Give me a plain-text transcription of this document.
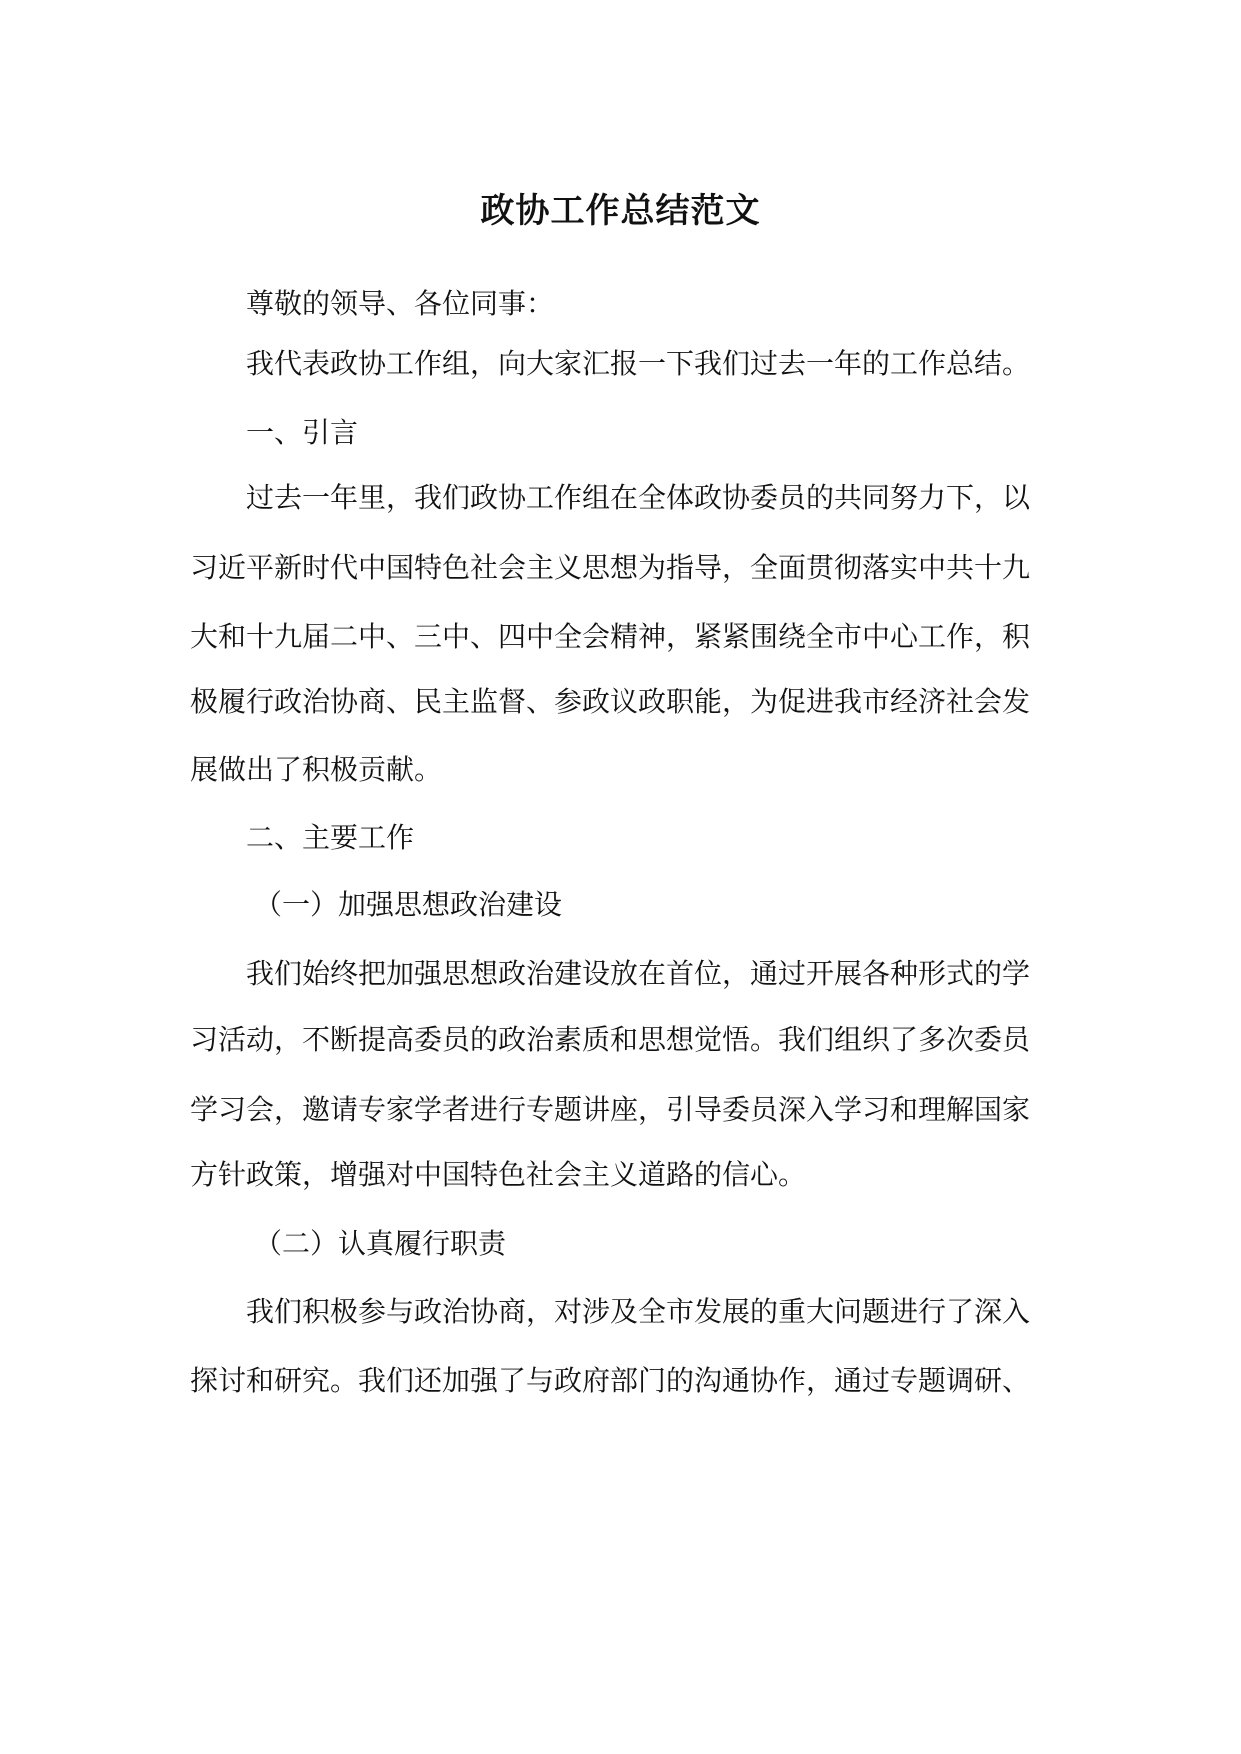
政协工作总结范文

尊敬的领导、各位同事：

我代表政协工作组，向大家汇报一下我们过去一年的工作总结。

一、引言

过去一年里，我们政协工作组在全体政协委员的共同努力下，以

习近平新时代中国特色社会主义思想为指导，全面贯彻落实中共十九

大和十九届二中、三中、四中全会精神，紧紧围绕全市中心工作，积

极履行政治协商、民主监督、参政议政职能，为促进我市经济社会发

展做出了积极贡献。

二、主要工作

（一）加强思想政治建设

我们始终把加强思想政治建设放在首位，通过开展各种形式的学

习活动，不断提高委员的政治素质和思想觉悟。我们组织了多次委员

学习会，邀请专家学者进行专题讲座，引导委员深入学习和理解国家

方针政策，增强对中国特色社会主义道路的信心。

（二）认真履行职责

我们积极参与政治协商，对涉及全市发展的重大问题进行了深入

探讨和研究。我们还加强了与政府部门的沟通协作，通过专题调研、
